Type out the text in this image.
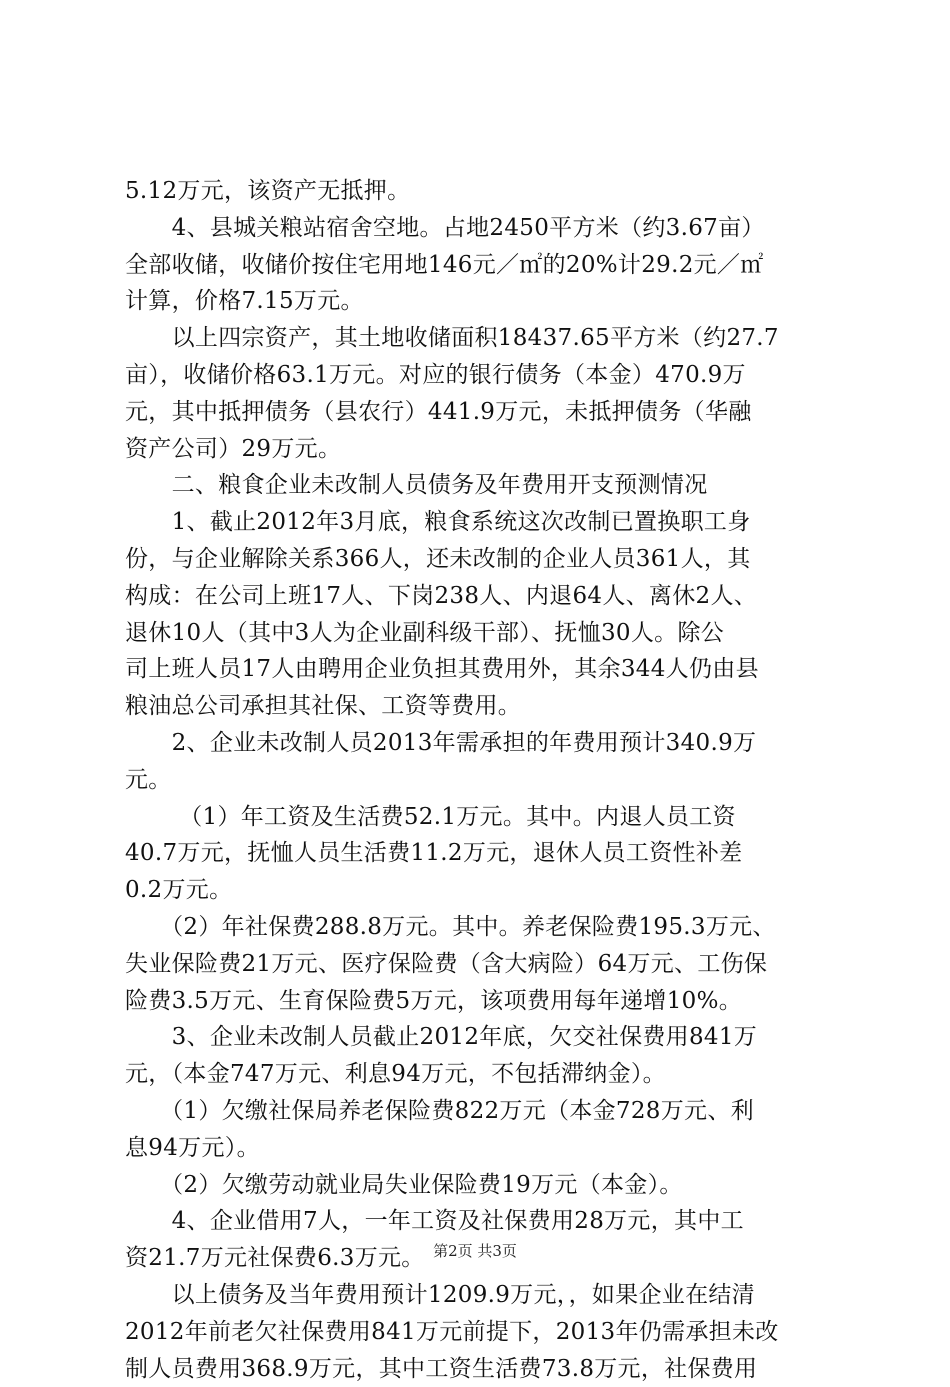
5.12万元，该资产无抵押。
　　4、县城关粮站宿舍空地。占地2450平方米（约3.67亩）
全部收储，收储价按住宅用地146元／㎡的20%计29.2元／㎡
计算，价格7.15万元。
　　以上四宗资产，其土地收储面积18437.65平方米（约27.7
亩），收储价格63.1万元。对应的银行债务（本金）470.9万
元，其中抵押债务（县农行）441.9万元，未抵押债务（华融
资产公司）29万元。
　　二、粮食企业未改制人员债务及年费用开支预测情况
　　1、截止2012年3月底，粮食系统这次改制已置换职工身
份，与企业解除关系366人，还未改制的企业人员361人，其
构成：在公司上班17人、下岗238人、内退64人、离休2人、
退休10人（其中3人为企业副科级干部）、抚恤30人。除公
司上班人员17人由聘用企业负担其费用外，其余344人仍由县
粮油总公司承担其社保、工资等费用。
　　2、企业未改制人员2013年需承担的年费用预计340.9万
元。
　　 （1）年工资及生活费52.1万元。其中。内退人员工资
40.7万元，抚恤人员生活费11.2万元，退休人员工资性补差
0.2万元。
　　（2）年社保费288.8万元。其中。养老保险费195.3万元、
失业保险费21万元、医疗保险费（含大病险）64万元、工伤保
险费3.5万元、生育保险费5万元，该项费用每年递增10%。
　　3、企业未改制人员截止2012年底，欠交社保费用841万
元，（本金747万元、利息94万元，不包括滞纳金）。
　　（1）欠缴社保局养老保险费822万元（本金728万元、利
息94万元）。
　　（2）欠缴劳动就业局失业保险费19万元（本金）。
　　4、企业借用7人，一年工资及社保费用28万元，其中工
资21.7万元社保费6.3万元。
　　以上债务及当年费用预计1209.9万元，，如果企业在结清
2012年前老欠社保费用841万元前提下，2013年仍需承担未改
制人员费用368.9万元，其中工资生活费73.8万元，社保费用
第2页 共3页
